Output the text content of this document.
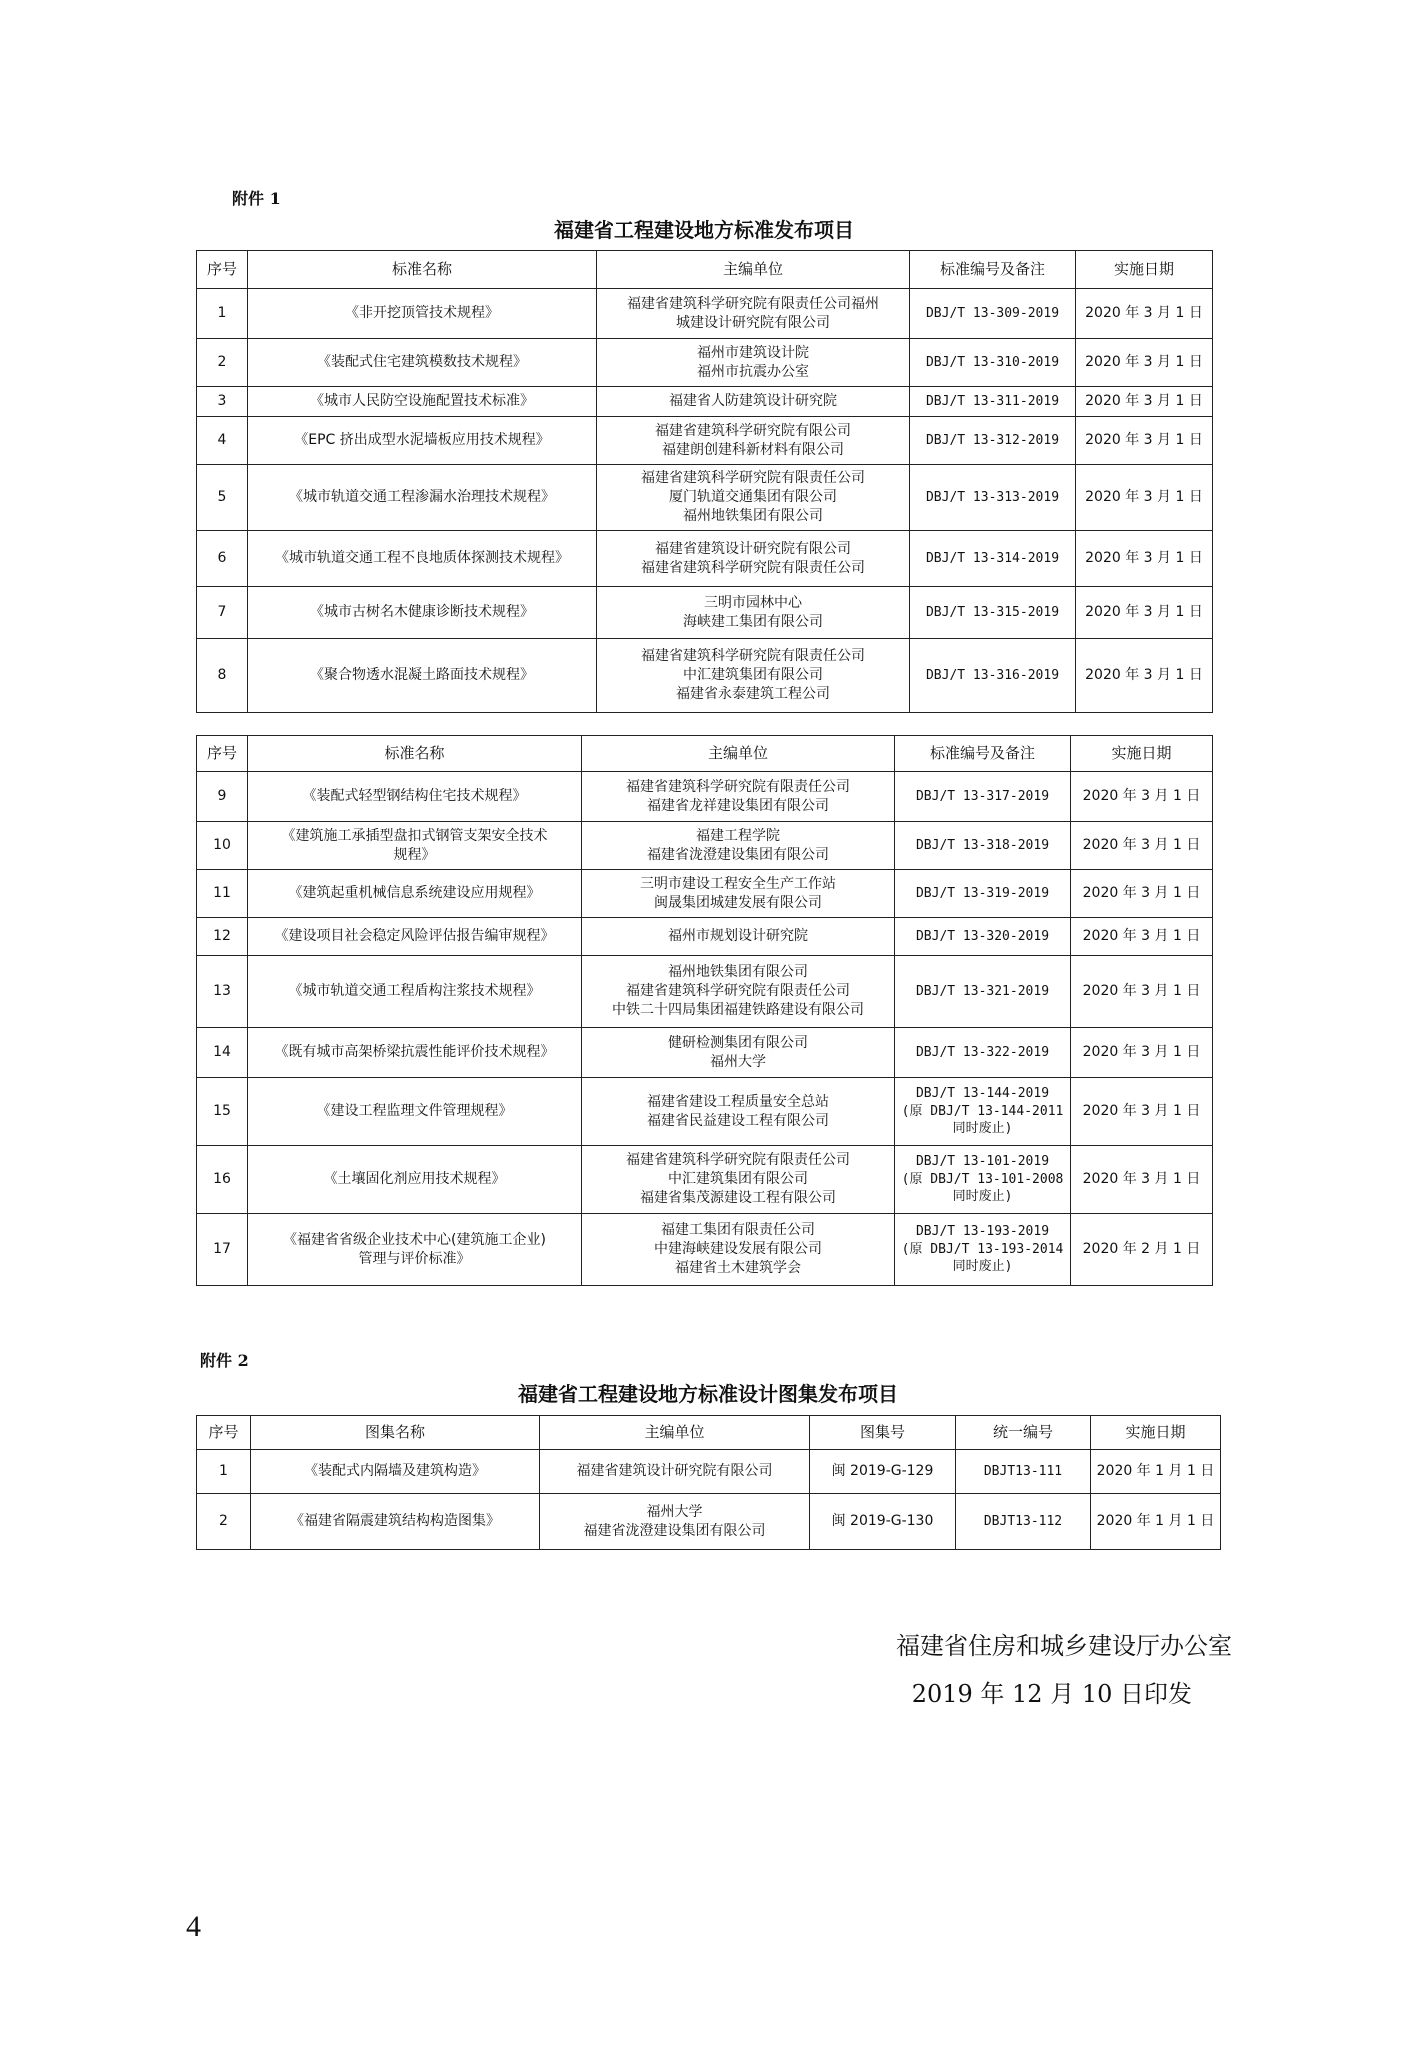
附件 1
福建省工程建设地方标准发布项目
序号	标准名称	主编单位	标准编号及备注	实施日期
1	《非开挖顶管技术规程》	福建省建筑科学研究院有限责任公司福州
城建设计研究院有限公司	DBJ/T 13-309-2019	2020 年 3 月 1 日
2	《装配式住宅建筑模数技术规程》	福州市建筑设计院
福州市抗震办公室	DBJ/T 13-310-2019	2020 年 3 月 1 日
3	《城市人民防空设施配置技术标准》	福建省人防建筑设计研究院	DBJ/T 13-311-2019	2020 年 3 月 1 日
4	《EPC 挤出成型水泥墙板应用技术规程》	福建省建筑科学研究院有限公司
福建朗创建科新材料有限公司	DBJ/T 13-312-2019	2020 年 3 月 1 日
5	《城市轨道交通工程渗漏水治理技术规程》	福建省建筑科学研究院有限责任公司
厦门轨道交通集团有限公司
福州地铁集团有限公司	DBJ/T 13-313-2019	2020 年 3 月 1 日
6	《城市轨道交通工程不良地质体探测技术规程》	福建省建筑设计研究院有限公司
福建省建筑科学研究院有限责任公司	DBJ/T 13-314-2019	2020 年 3 月 1 日
7	《城市古树名木健康诊断技术规程》	三明市园林中心
海峡建工集团有限公司	DBJ/T 13-315-2019	2020 年 3 月 1 日
8	《聚合物透水混凝土路面技术规程》	福建省建筑科学研究院有限责任公司
中汇建筑集团有限公司
福建省永泰建筑工程公司	DBJ/T 13-316-2019	2020 年 3 月 1 日
序号	标准名称	主编单位	标准编号及备注	实施日期
9	《装配式轻型钢结构住宅技术规程》	福建省建筑科学研究院有限责任公司
福建省龙祥建设集团有限公司	DBJ/T 13-317-2019	2020 年 3 月 1 日
10	《建筑施工承插型盘扣式钢管支架安全技术
规程》	福建工程学院
福建省泷澄建设集团有限公司	DBJ/T 13-318-2019	2020 年 3 月 1 日
11	《建筑起重机械信息系统建设应用规程》	三明市建设工程安全生产工作站
闽晟集团城建发展有限公司	DBJ/T 13-319-2019	2020 年 3 月 1 日
12	《建设项目社会稳定风险评估报告编审规程》	福州市规划设计研究院	DBJ/T 13-320-2019	2020 年 3 月 1 日
13	《城市轨道交通工程盾构注浆技术规程》	福州地铁集团有限公司
福建省建筑科学研究院有限责任公司
中铁二十四局集团福建铁路建设有限公司	DBJ/T 13-321-2019	2020 年 3 月 1 日
14	《既有城市高架桥梁抗震性能评价技术规程》	健研检测集团有限公司
福州大学	DBJ/T 13-322-2019	2020 年 3 月 1 日
15	《建设工程监理文件管理规程》	福建省建设工程质量安全总站
福建省民益建设工程有限公司	DBJ/T 13-144-2019
(原 DBJ/T 13-144-2011
同时废止)	2020 年 3 月 1 日
16	《土壤固化剂应用技术规程》	福建省建筑科学研究院有限责任公司
中汇建筑集团有限公司
福建省集茂源建设工程有限公司	DBJ/T 13-101-2019
(原 DBJ/T 13-101-2008
同时废止)	2020 年 3 月 1 日
17	《福建省省级企业技术中心(建筑施工企业)
管理与评价标准》	福建工集团有限责任公司
中建海峡建设发展有限公司
福建省土木建筑学会	DBJ/T 13-193-2019
(原 DBJ/T 13-193-2014
同时废止)	2020 年 2 月 1 日
附件 2
福建省工程建设地方标准设计图集发布项目
序号	图集名称	主编单位	图集号	统一编号	实施日期
1	《装配式内隔墙及建筑构造》	福建省建筑设计研究院有限公司	闽 2019-G-129	DBJT13-111	2020 年 1 月 1 日
2	《福建省隔震建筑结构构造图集》	福州大学
福建省泷澄建设集团有限公司	闽 2019-G-130	DBJT13-112	2020 年 1 月 1 日
福建省住房和城乡建设厅办公室
2019 年 12 月 10 日印发
4
